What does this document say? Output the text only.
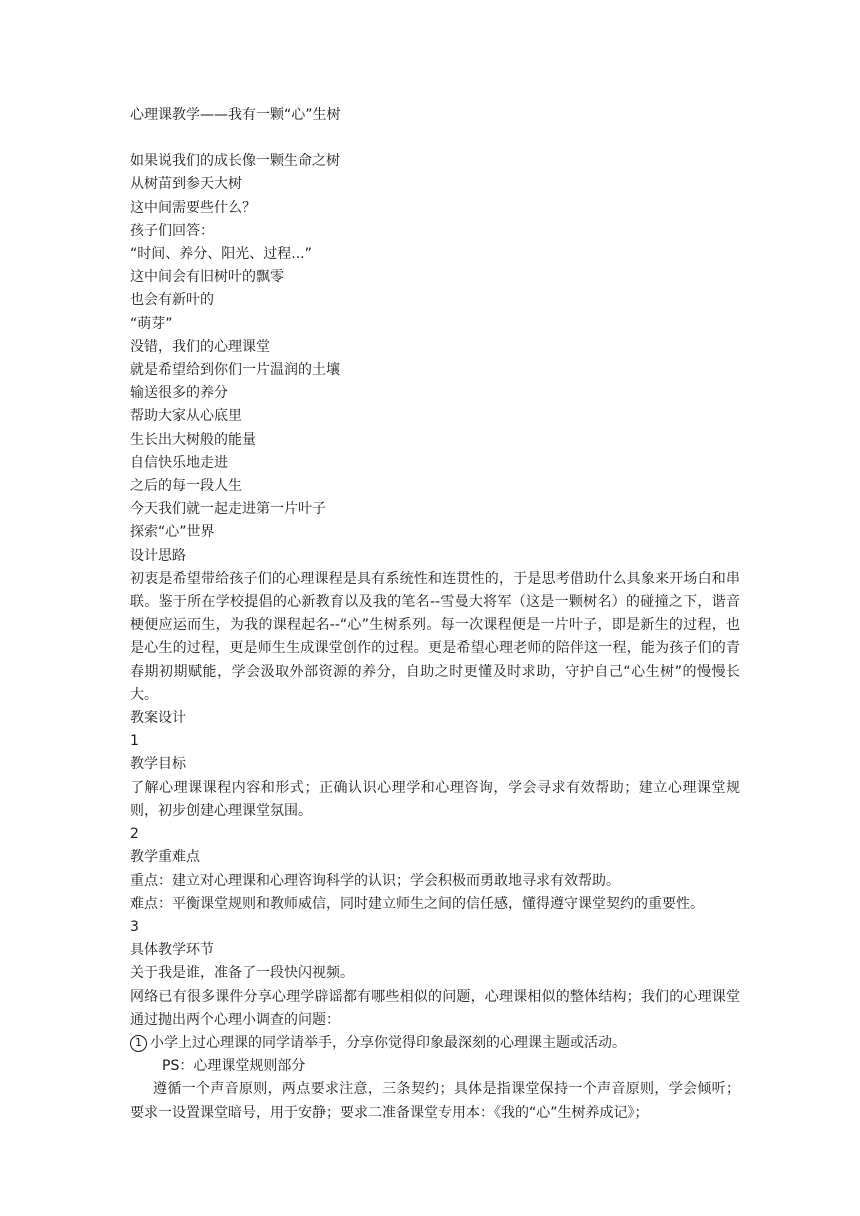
心理课教学——我有一颗“心”生树

如果说我们的成长像一颗生命之树

从树苗到参天大树

这中间需要些什么？

孩子们回答：

“时间、养分、阳光、过程...”

这中间会有旧树叶的飘零

也会有新叶的

“萌芽”

没错，我们的心理课堂

就是希望给到你们一片温润的土壤

输送很多的养分

帮助大家从心底里

生长出大树般的能量

自信快乐地走进

之后的每一段人生

今天我们就一起走进第一片叶子

探索“心”世界

设计思路

初衷是希望带给孩子们的心理课程是具有系统性和连贯性的，于是思考借助什么具象来开场白和串联。鉴于所在学校提倡的心新教育以及我的笔名--雪曼大将军（这是一颗树名）的碰撞之下，谐音梗便应运而生，为我的课程起名--“心”生树系列。每一次课程便是一片叶子，即是新生的过程，也是心生的过程，更是师生生成课堂创作的过程。更是希望心理老师的陪伴这一程，能为孩子们的青春期初期赋能，学会汲取外部资源的养分，自助之时更懂及时求助，守护自己“心生树”的慢慢长大。

教案设计

1

教学目标

了解心理课课程内容和形式；正确认识心理学和心理咨询，学会寻求有效帮助；建立心理课堂规则，初步创建心理课堂氛围。

2

教学重难点

重点：建立对心理课和心理咨询科学的认识；学会积极而勇敢地寻求有效帮助。

难点：平衡课堂规则和教师威信，同时建立师生之间的信任感，懂得遵守课堂契约的重要性。

3

具体教学环节

关于我是谁，准备了一段快闪视频。

网络已有很多课件分享心理学辟谣都有哪些相似的问题，心理课相似的整体结构；我们的心理课堂通过抛出两个心理小调查的问题：

1 小学上过心理课的同学请举手，分享你觉得印象最深刻的心理课主题或活动。

PS：心理课堂规则部分

遵循一个声音原则，两点要求注意，三条契约；具体是指课堂保持一个声音原则，学会倾听；要求一设置课堂暗号，用于安静；要求二准备课堂专用本：《我的“心”生树养成记》；
